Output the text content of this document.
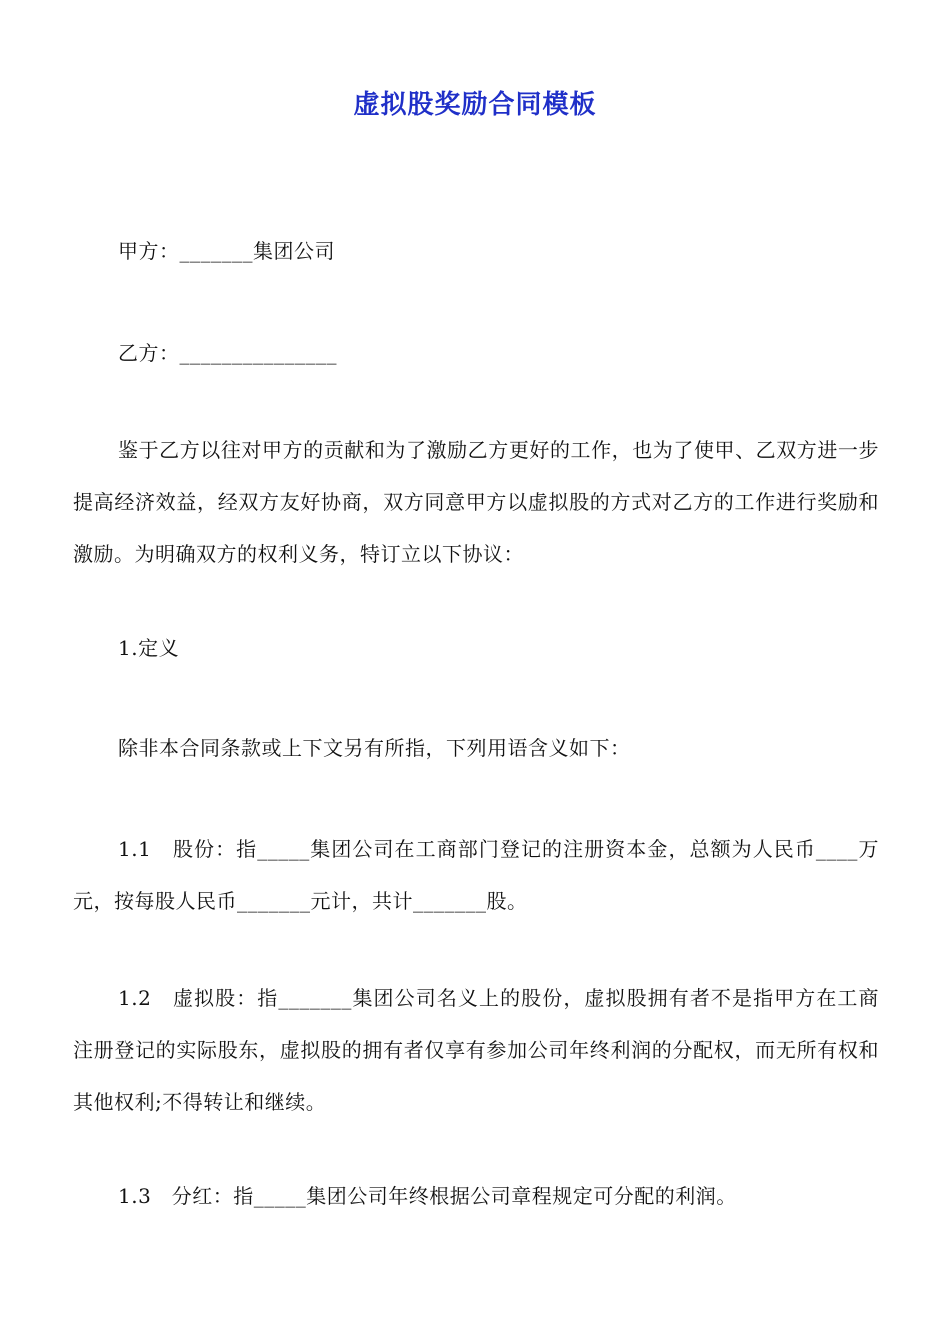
虚拟股奖励合同模板

甲方：_______集团公司

乙方：_______________

鉴于乙方以往对甲方的贡献和为了激励乙方更好的工作，也为了使甲、乙双方进一步提高经济效益，经双方友好协商，双方同意甲方以虚拟股的方式对乙方的工作进行奖励和激励。为明确双方的权利义务，特订立以下协议：

1.定义

除非本合同条款或上下文另有所指，下列用语含义如下：

1.1　股份：指_____集团公司在工商部门登记的注册资本金，总额为人民币____万元，按每股人民币_______元计，共计_______股。

1.2　虚拟股：指_______集团公司名义上的股份，虚拟股拥有者不是指甲方在工商注册登记的实际股东，虚拟股的拥有者仅享有参加公司年终利润的分配权，而无所有权和其他权利;不得转让和继续。

1.3　分红：指_____集团公司年终根据公司章程规定可分配的利润。
